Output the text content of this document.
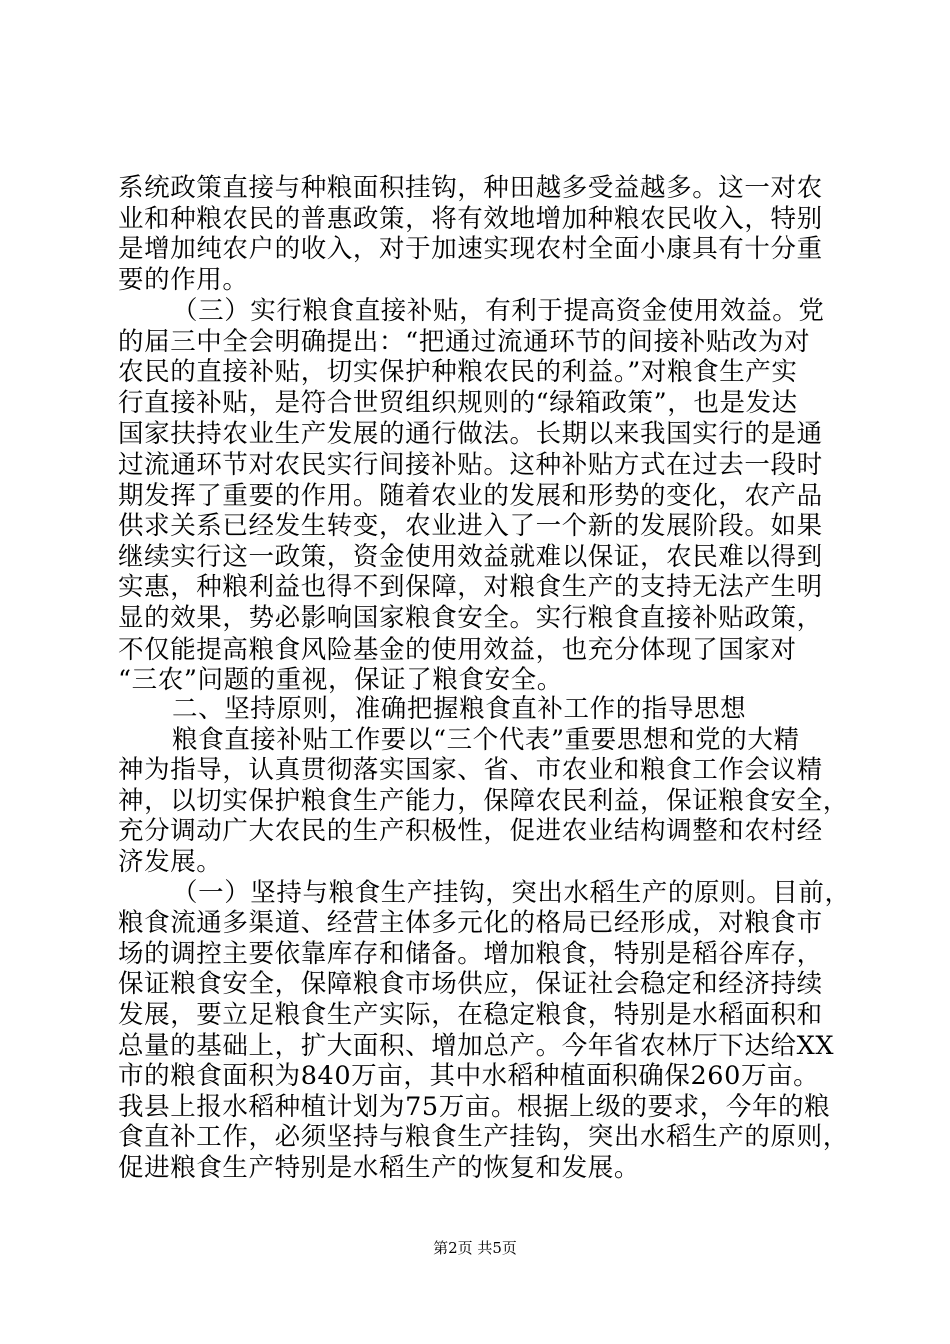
系统政策直接与种粮面积挂钩，种田越多受益越多。这一对农
业和种粮农民的普惠政策，将有效地增加种粮农民收入，特别
是增加纯农户的收入，对于加速实现农村全面小康具有十分重
要的作用。
（三）实行粮食直接补贴，有利于提高资金使用效益。党
的届三中全会明确提出：“把通过流通环节的间接补贴改为对
农民的直接补贴，切实保护种粮农民的利益。”对粮食生产实
行直接补贴，是符合世贸组织规则的“绿箱政策”，也是发达
国家扶持农业生产发展的通行做法。长期以来我国实行的是通
过流通环节对农民实行间接补贴。这种补贴方式在过去一段时
期发挥了重要的作用。随着农业的发展和形势的变化，农产品
供求关系已经发生转变，农业进入了一个新的发展阶段。如果
继续实行这一政策，资金使用效益就难以保证，农民难以得到
实惠，种粮利益也得不到保障，对粮食生产的支持无法产生明
显的效果，势必影响国家粮食安全。实行粮食直接补贴政策，
不仅能提高粮食风险基金的使用效益，也充分体现了国家对
“三农”问题的重视，保证了粮食安全。
二、坚持原则，准确把握粮食直补工作的指导思想
粮食直接补贴工作要以“三个代表”重要思想和党的大精
神为指导，认真贯彻落实国家、省、市农业和粮食工作会议精
神，以切实保护粮食生产能力，保障农民利益，保证粮食安全，
充分调动广大农民的生产积极性，促进农业结构调整和农村经
济发展。
（一）坚持与粮食生产挂钩，突出水稻生产的原则。目前，
粮食流通多渠道、经营主体多元化的格局已经形成，对粮食市
场的调控主要依靠库存和储备。增加粮食，特别是稻谷库存，
保证粮食安全，保障粮食市场供应，保证社会稳定和经济持续
发展，要立足粮食生产实际，在稳定粮食，特别是水稻面积和
总量的基础上，扩大面积、增加总产。今年省农林厅下达给XX
市的粮食面积为840万亩，其中水稻种植面积确保260万亩。
我县上报水稻种植计划为75万亩。根据上级的要求，今年的粮
食直补工作，必须坚持与粮食生产挂钩，突出水稻生产的原则，
促进粮食生产特别是水稻生产的恢复和发展。
第2页 共5页
